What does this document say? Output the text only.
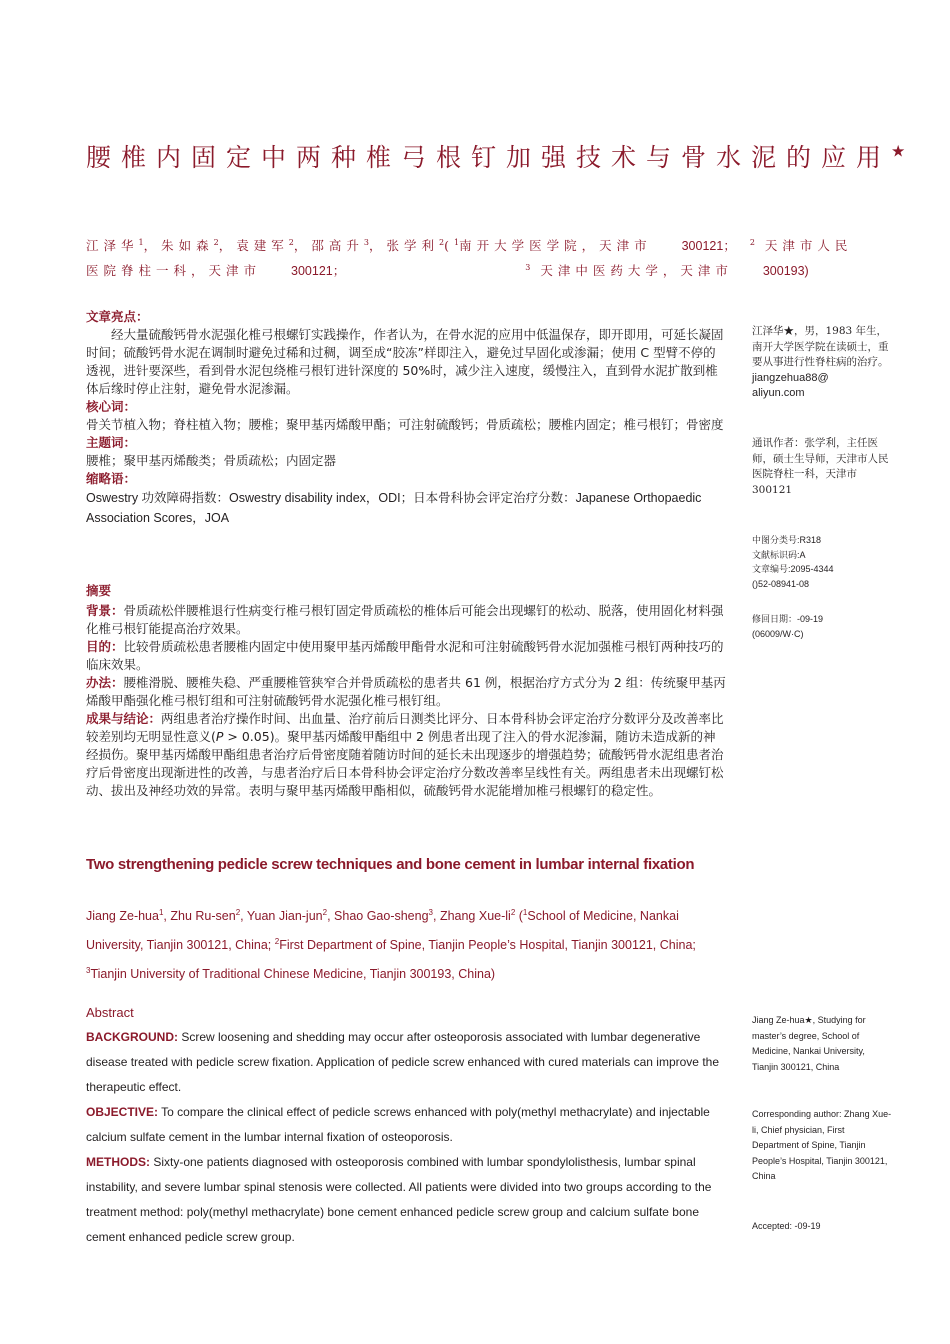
腰椎内固定中两种椎弓根钉加强技术与骨水泥的应用★
江泽华$^1$，朱如森$^2$，袁建军$^2$，邵高升$^3$，张学利$^2$($^1$南开大学医学院，天津市 300121； $^2$ 天津市人民
医院脊柱一科，天津市 300121；	$^3$ 天津中医药大学，天津市 300193)
文章亮点：

经大量硫酸钙骨水泥强化椎弓根螺钉实践操作，作者认为，在骨水泥的应用中低温保存，即开即用，可延长凝固时间；硫酸钙骨水泥在调制时避免过稀和过稠，调至成“胶冻”样即注入，避免过早固化或渗漏；使用 C 型臂不停的透视，进针要深些，看到骨水泥包绕椎弓根钉进针深度的 50%时，减少注入速度，缓慢注入，直到骨水泥扩散到椎体后缘时停止注射，避免骨水泥渗漏。

核心词：

骨关节植入物；脊柱植入物；腰椎；聚甲基丙烯酸甲酯；可注射硫酸钙；骨质疏松；腰椎内固定；椎弓根钉；骨密度

主题词：

腰椎；聚甲基丙烯酸类；骨质疏松；内固定器

缩略语：

Oswestry 功效障碍指数：Oswestry disability index，ODI；日本骨科协会评定治疗分数：Japanese Orthopaedic Association Scores，JOA

摘要

背景：骨质疏松伴腰椎退行性病变行椎弓根钉固定骨质疏松的椎体后可能会出现螺钉的松动、脱落，使用固化材料强化椎弓根钉能提高治疗效果。

目的：比较骨质疏松患者腰椎内固定中使用聚甲基丙烯酸甲酯骨水泥和可注射硫酸钙骨水泥加强椎弓根钉两种技巧的临床效果。

办法：腰椎滑脱、腰椎失稳、严重腰椎管狭窄合并骨质疏松的患者共 61 例，根据治疗方式分为 2 组：传统聚甲基丙烯酸甲酯强化椎弓根钉组和可注射硫酸钙骨水泥强化椎弓根钉组。

成果与结论：两组患者治疗操作时间、出血量、治疗前后日测类比评分、日本骨科协会评定治疗分数评分及改善率比较差别均无明显性意义(P > 0.05)。聚甲基丙烯酸甲酯组中 2 例患者出现了注入的骨水泥渗漏，随访未造成新的神经损伤。聚甲基丙烯酸甲酯组患者治疗后骨密度随着随访时间的延长未出现逐步的增强趋势；硫酸钙骨水泥组患者治疗后骨密度出现渐进性的改善，与患者治疗后日本骨科协会评定治疗分数改善率呈线性有关。两组患者未出现螺钉松动、拔出及神经功效的异常。表明与聚甲基丙烯酸甲酯相似，硫酸钙骨水泥能增加椎弓根螺钉的稳定性。

江泽华★，男，1983 年生，南开大学医学院在读硕士，重要从事进行性脊柱病的治疗。
jiangzehua88@
aliyun.com
通讯作者：张学利，主任医师，硕士生导师，天津市人民医院脊柱一科，天津市 300121
中图分类号:R318
文献标识码:A
文章编号:2095-4344
()52-08941-08
修回日期：-09-19
(06009/W·C)
Two strengthening pedicle screw techniques and bone cement in lumbar internal fixation
Jiang Ze-hua$^1$, Zhu Ru-sen$^2$, Yuan Jian-jun$^2$, Shao Gao-sheng$^3$, Zhang Xue-$li^2$ ($^1$School of Medicine, Nankai University, Tianjin 300121, China; $^2$First Department of Spine, Tianjin People’s Hospital, Tianjin 300121, China; $^3$Tianjin University of Traditional Chinese Medicine, Tianjin 300193, China)
Abstract

BACKGROUND: Screw loosening and shedding may occur after osteoporosis associated with lumbar degenerative disease treated with pedicle screw fixation. Application of pedicle screw enhanced with cured materials can improve the therapeutic effect.

OBJECTIVE: To compare the clinical effect of pedicle screws enhanced with poly(methyl methacrylate) and injectable calcium sulfate cement in the lumbar internal fixation of osteoporosis.

METHODS: Sixty-one patients diagnosed with osteoporosis combined with lumbar spondylolisthesis, lumbar spinal instability, and severe lumbar spinal stenosis were collected. All patients were divided into two groups according to the treatment method: poly(methyl methacrylate) bone cement enhanced pedicle screw group and calcium sulfate bone cement enhanced pedicle screw group.

Jiang Ze-hua★, Studying for master’s degree, School of Medicine, Nankai University, Tianjin 300121, China
Corresponding author: Zhang Xue-li, Chief physician, First Department of Spine, Tianjin People’s Hospital, Tianjin 300121, China
Accepted: -09-19
